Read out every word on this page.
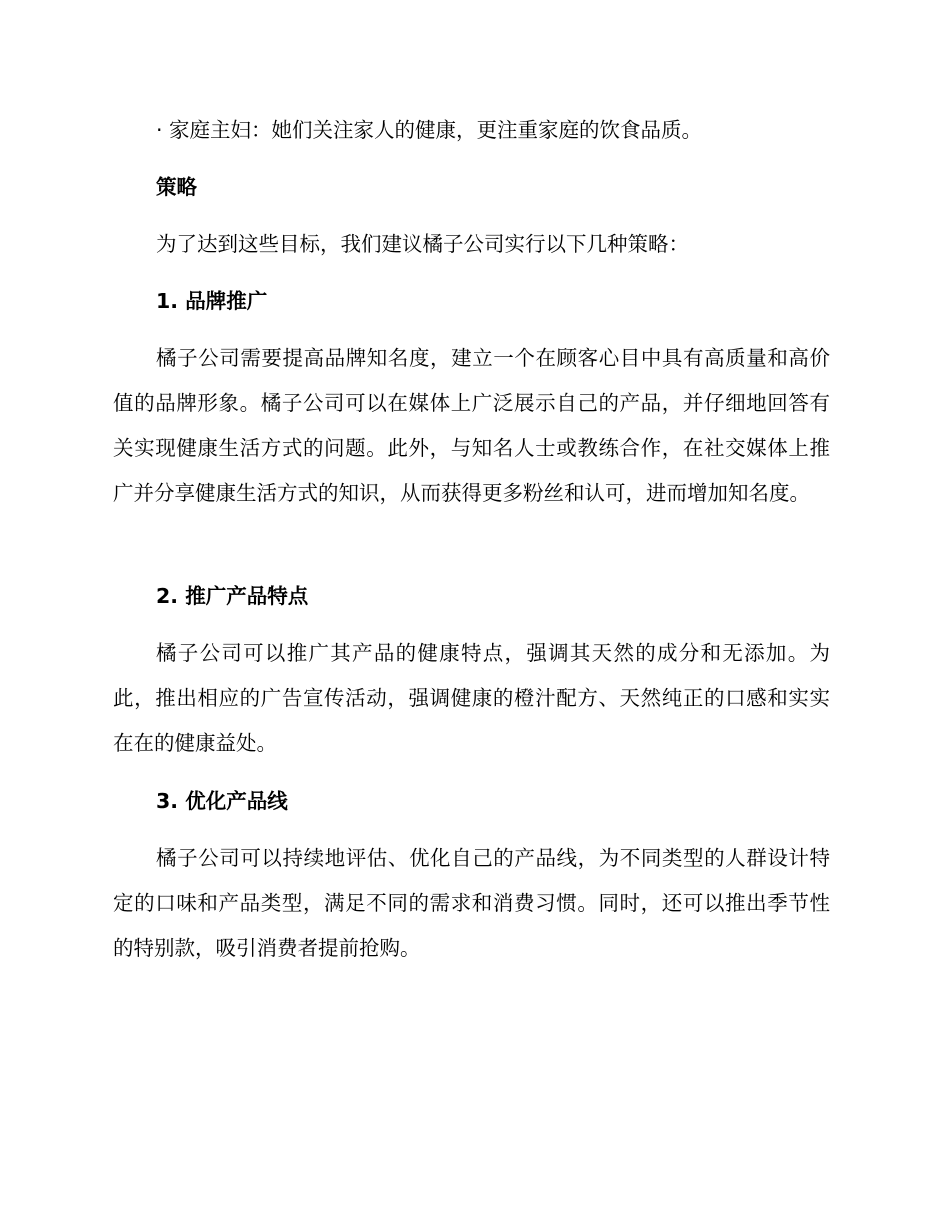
· 家庭主妇：她们关注家人的健康，更注重家庭的饮食品质。
策略
为了达到这些目标，我们建议橘子公司实行以下几种策略：
1. 品牌推广
橘子公司需要提高品牌知名度，建立一个在顾客心目中具有高质量和高价值的品牌形象。橘子公司可以在媒体上广泛展示自己的产品，并仔细地回答有关实现健康生活方式的问题。此外，与知名人士或教练合作，在社交媒体上推广并分享健康生活方式的知识，从而获得更多粉丝和认可，进而增加知名度。
2. 推广产品特点
橘子公司可以推广其产品的健康特点，强调其天然的成分和无添加。为此，推出相应的广告宣传活动，强调健康的橙汁配方、天然纯正的口感和实实在在的健康益处。
3. 优化产品线
橘子公司可以持续地评估、优化自己的产品线，为不同类型的人群设计特定的口味和产品类型，满足不同的需求和消费习惯。同时，还可以推出季节性的特别款，吸引消费者提前抢购。
